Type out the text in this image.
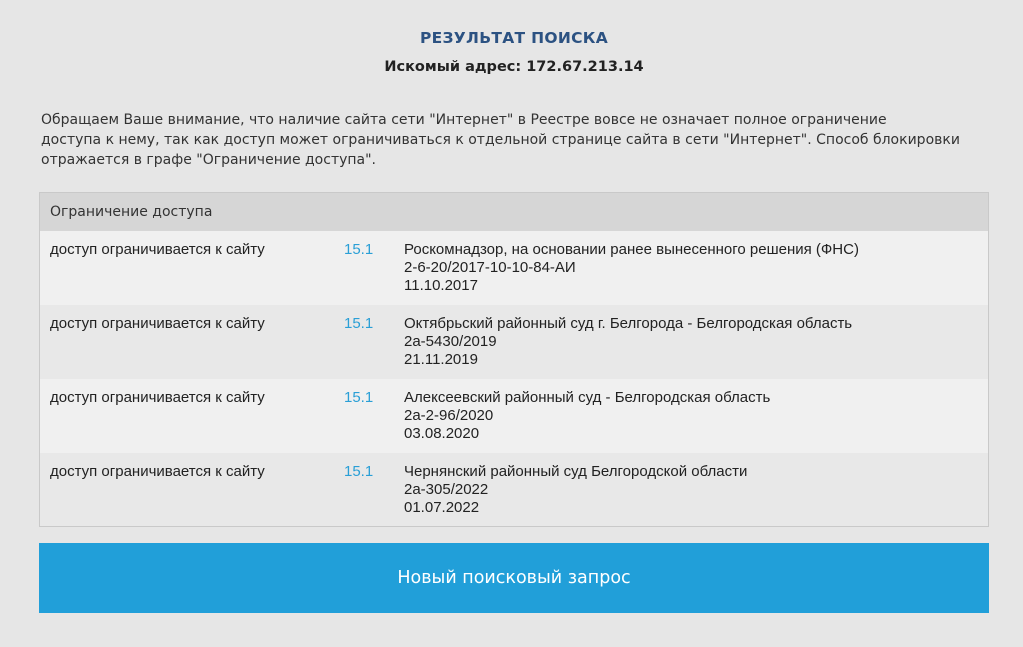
РЕЗУЛЬТАТ ПОИСКА
Искомый адрес: 172.67.213.14
Обращаем Ваше внимание, что наличие сайта сети "Интернет" в Реестре вовсе не означает полное ограничение
доступа к нему, так как доступ может ограничиваться к отдельной странице сайта в сети "Интернет". Способ блокировки
отражается в графе "Ограничение доступа".
Ограничение доступа
доступ ограничивается к сайту	15.1 Роскомнадзор, на основании ранее вынесенного решения (ФНС)
2-6-20/2017-10-10-84-АИ
11.10.2017
доступ ограничивается к сайту	15.1 Октябрьский районный суд г. Белгорода - Белгородская область
2а-5430/2019
21.11.2019
доступ ограничивается к сайту	15.1 Алексеевский районный суд - Белгородская область
2а-2-96/2020
03.08.2020
доступ ограничивается к сайту	15.1 Чернянский районный суд Белгородской области
2а-305/2022
01.07.2022
Новый поисковый запрос
